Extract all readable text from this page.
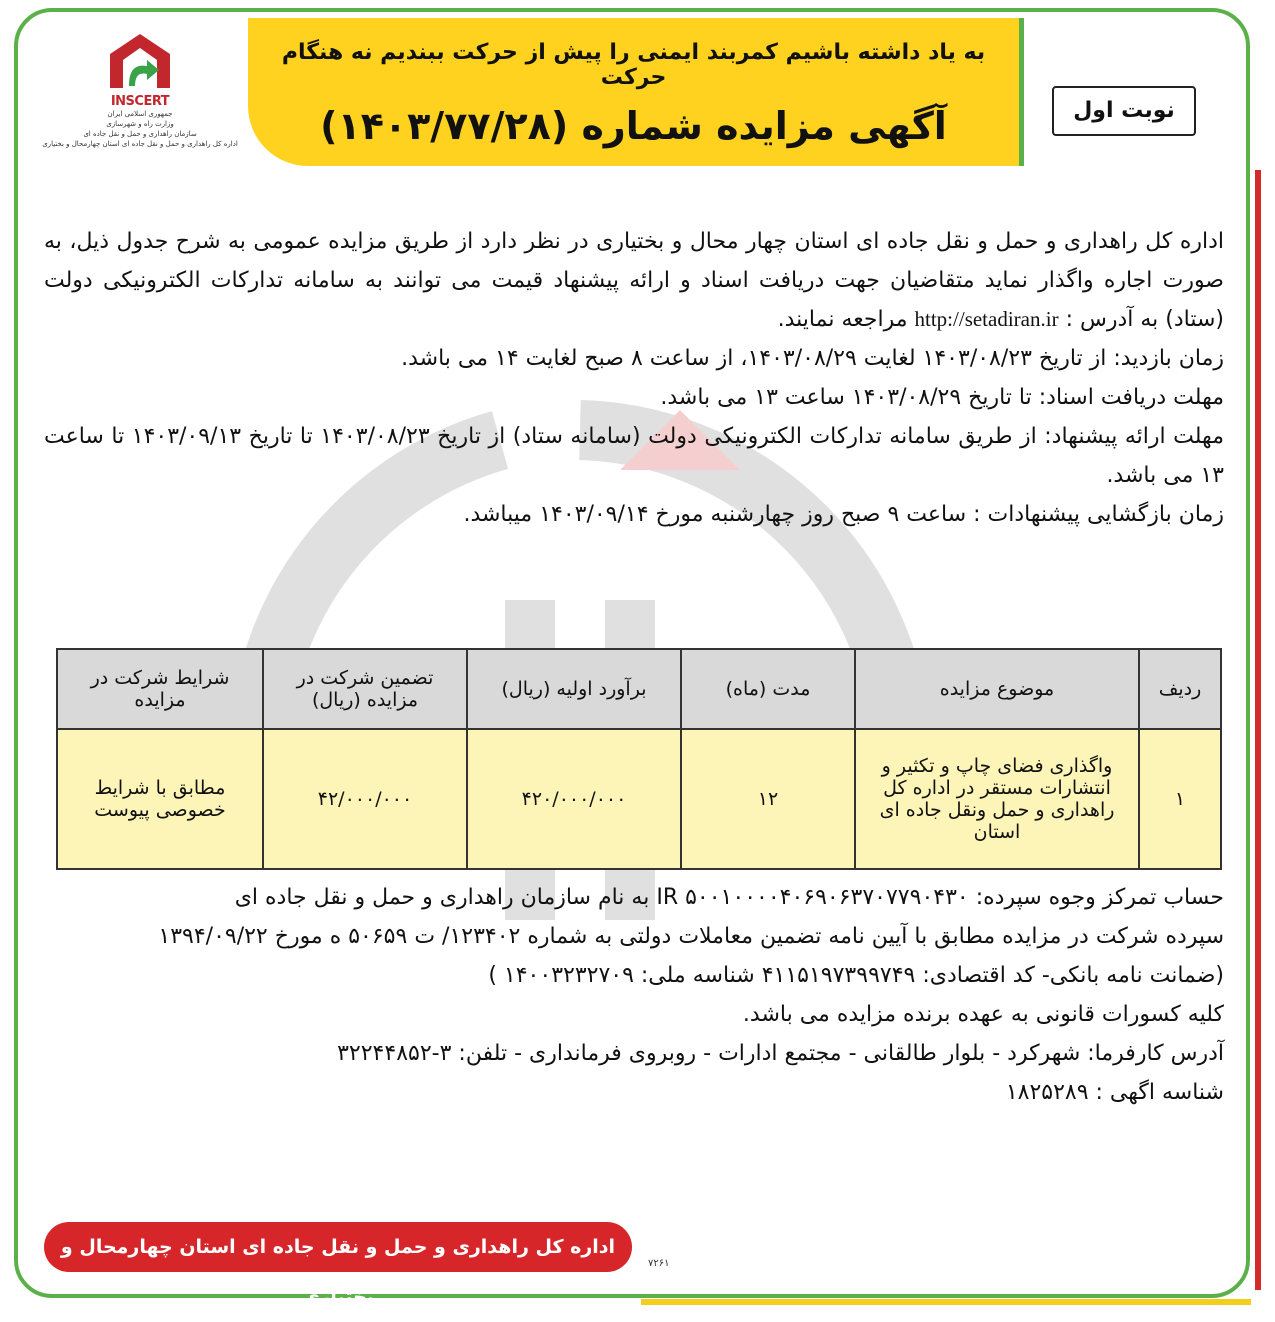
INSCERT
جمهوری اسلامی ایران
وزارت راه و شهرسازی
سازمان راهداری و حمل و نقل جاده ای
اداره کل راهداری و حمل و نقل جاده ای استان چهارمحال و بختیاری
به یاد داشته باشیم کمربند ایمنی را پیش از حرکت ببندیم نه هنگام حرکت
آگهی مزایده شماره (۱۴۰۳/۷۷/۲۸)	نوبت اول

اداره کل راهداری و حمل و نقل جاده ای استان چهار محال و بختیاری در نظر دارد از طریق مزایده عمومی به شرح جدول ذیل، به صورت اجاره واگذار نماید متقاضیان جهت دریافت اسناد و ارائه پیشنهاد قیمت می توانند به سامانه تدارکات الکترونیکی دولت (ستاد) به آدرس : http://setadiran.ir مراجعه نمایند.

زمان بازدید: از تاریخ ۱۴۰۳/۰۸/۲۳ لغایت ۱۴۰۳/۰۸/۲۹، از ساعت ۸ صبح لغایت ۱۴ می باشد.

مهلت دریافت اسناد: تا تاریخ ۱۴۰۳/۰۸/۲۹ ساعت ۱۳ می باشد.

مهلت ارائه پیشنهاد: از طریق سامانه تدارکات الکترونیکی دولت (سامانه ستاد) از تاریخ ۱۴۰۳/۰۸/۲۳ تا تاریخ ۱۴۰۳/۰۹/۱۳ تا ساعت ۱۳ می باشد.

زمان بازگشایی پیشنهادات : ساعت ۹ صبح روز چهارشنبه مورخ ۱۴۰۳/۰۹/۱۴ میباشد.

ردیف	موضوع مزایده	مدت (ماه)	برآورد اولیه (ریال)	تضمین شرکت در مزایده (ریال)	شرایط شرکت در مزایده
۱	واگذاری فضای چاپ و تکثیر و انتشارات مستقر در اداره کل راهداری و حمل ونقل جاده ای استان	۱۲	۴۲۰/۰۰۰/۰۰۰	۴۲/۰۰۰/۰۰۰	مطابق با شرایط خصوصی پیوست

حساب تمرکز وجوه سپرده: IR ۵۰۰۱۰۰۰۰۴۰۶۹۰۶۳۷۰۷۷۹۰۴۳۰ به نام سازمان راهداری و حمل و نقل جاده ای

سپرده شرکت در مزایده مطابق با آیین نامه تضمین معاملات دولتی به شماره ۱۲۳۴۰۲/ ت ۵۰۶۵۹ ه مورخ ۱۳۹۴/۰۹/۲۲

(ضمانت نامه بانکی- کد اقتصادی: ۴۱۱۵۱۹۷۳۹۹۷۴۹ شناسه ملی: ۱۴۰۰۳۲۳۲۷۰۹ )

کلیه کسورات قانونی به عهده برنده مزایده می باشد.

آدرس کارفرما: شهرکرد - بلوار طالقانی - مجتمع ادارات - روبروی فرمانداری - تلفن: ۳-۳۲۲۴۴۸۵۲

شناسه اگهی : ۱۸۲۵۲۸۹

اداره کل راهداری و حمل و نقل جاده ای استان چهارمحال و بختیاری
۷۲۶۱
